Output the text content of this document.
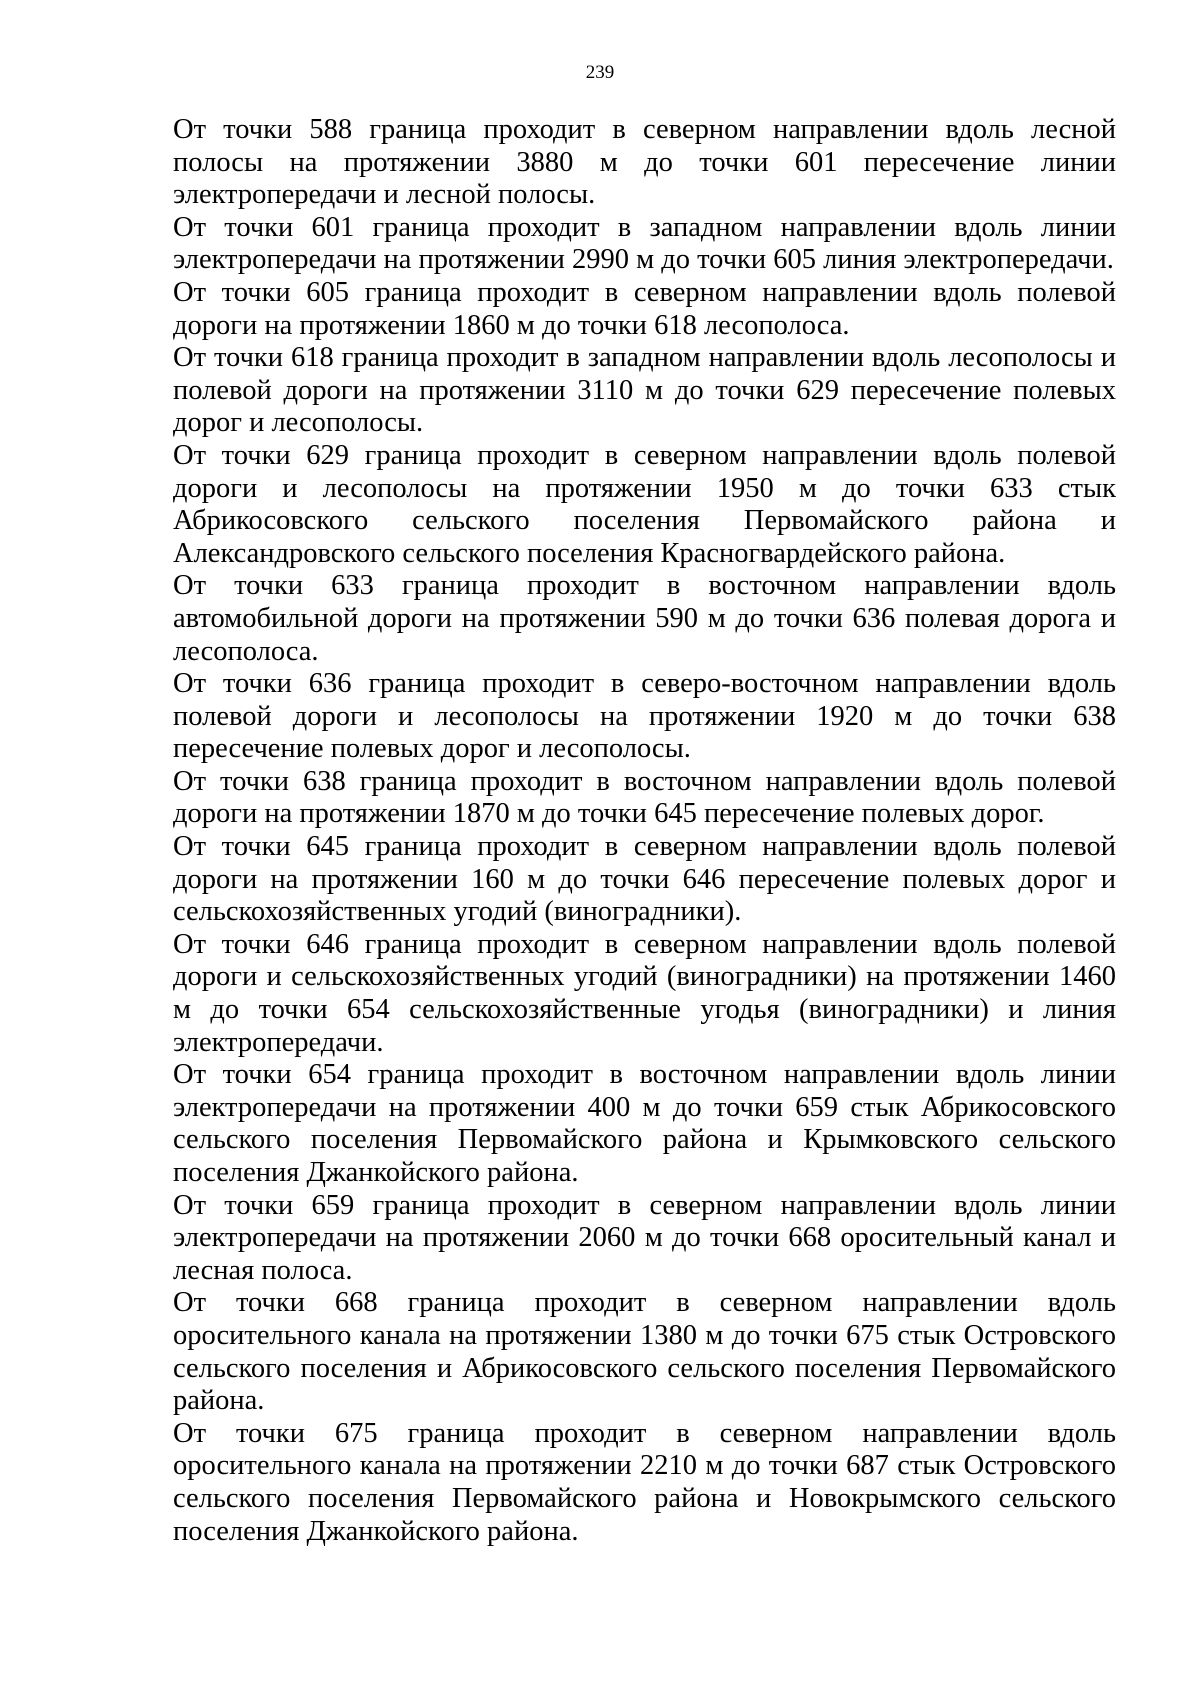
239

От точки 588 граница проходит в северном направлении вдоль лесной полосы на протяжении 3880 м до точки 601 пересечение линии электропередачи и лесной полосы.

От точки 601 граница проходит в западном направлении вдоль линии электропередачи на протяжении 2990 м до точки 605 линия электропередачи.

От точки 605 граница проходит в северном направлении вдоль полевой дороги на протяжении 1860 м до точки 618 лесополоса.

От точки 618 граница проходит в западном направлении вдоль лесополосы и полевой дороги на протяжении 3110 м до точки 629 пересечение полевых дорог и лесополосы.

От точки 629 граница проходит в северном направлении вдоль полевой дороги и лесополосы на протяжении 1950 м до точки 633 стык Абрикосовского сельского поселения Первомайского района и Александровского сельского поселения Красногвардейского района.

От точки 633 граница проходит в восточном направлении вдоль автомобильной дороги на протяжении 590 м до точки 636 полевая дорога и лесополоса.

От точки 636 граница проходит в северо-восточном направлении вдоль полевой дороги и лесополосы на протяжении 1920 м до точки 638 пересечение полевых дорог и лесополосы.

От точки 638 граница проходит в восточном направлении вдоль полевой дороги на протяжении 1870 м до точки 645 пересечение полевых дорог.

От точки 645 граница проходит в северном направлении вдоль полевой дороги на протяжении 160 м до точки 646 пересечение полевых дорог и сельскохозяйственных угодий (виноградники).

От точки 646 граница проходит в северном направлении вдоль полевой дороги и сельскохозяйственных угодий (виноградники) на протяжении 1460 м до точки 654 сельскохозяйственные угодья (виноградники) и линия электропередачи.

От точки 654 граница проходит в восточном направлении вдоль линии электропередачи на протяжении 400 м до точки 659 стык Абрикосовского сельского поселения Первомайского района и Крымковского сельского поселения Джанкойского района.

От точки 659 граница проходит в северном направлении вдоль линии электропередачи на протяжении 2060 м до точки 668 оросительный канал и лесная полоса.

От точки 668 граница проходит в северном направлении вдоль оросительного канала на протяжении 1380 м до точки 675 стык Островского сельского поселения и Абрикосовского сельского поселения Первомайского района.

От точки 675 граница проходит в северном направлении вдоль оросительного канала на протяжении 2210 м до точки 687 стык Островского сельского поселения Первомайского района и Новокрымского сельского поселения Джанкойского района.
